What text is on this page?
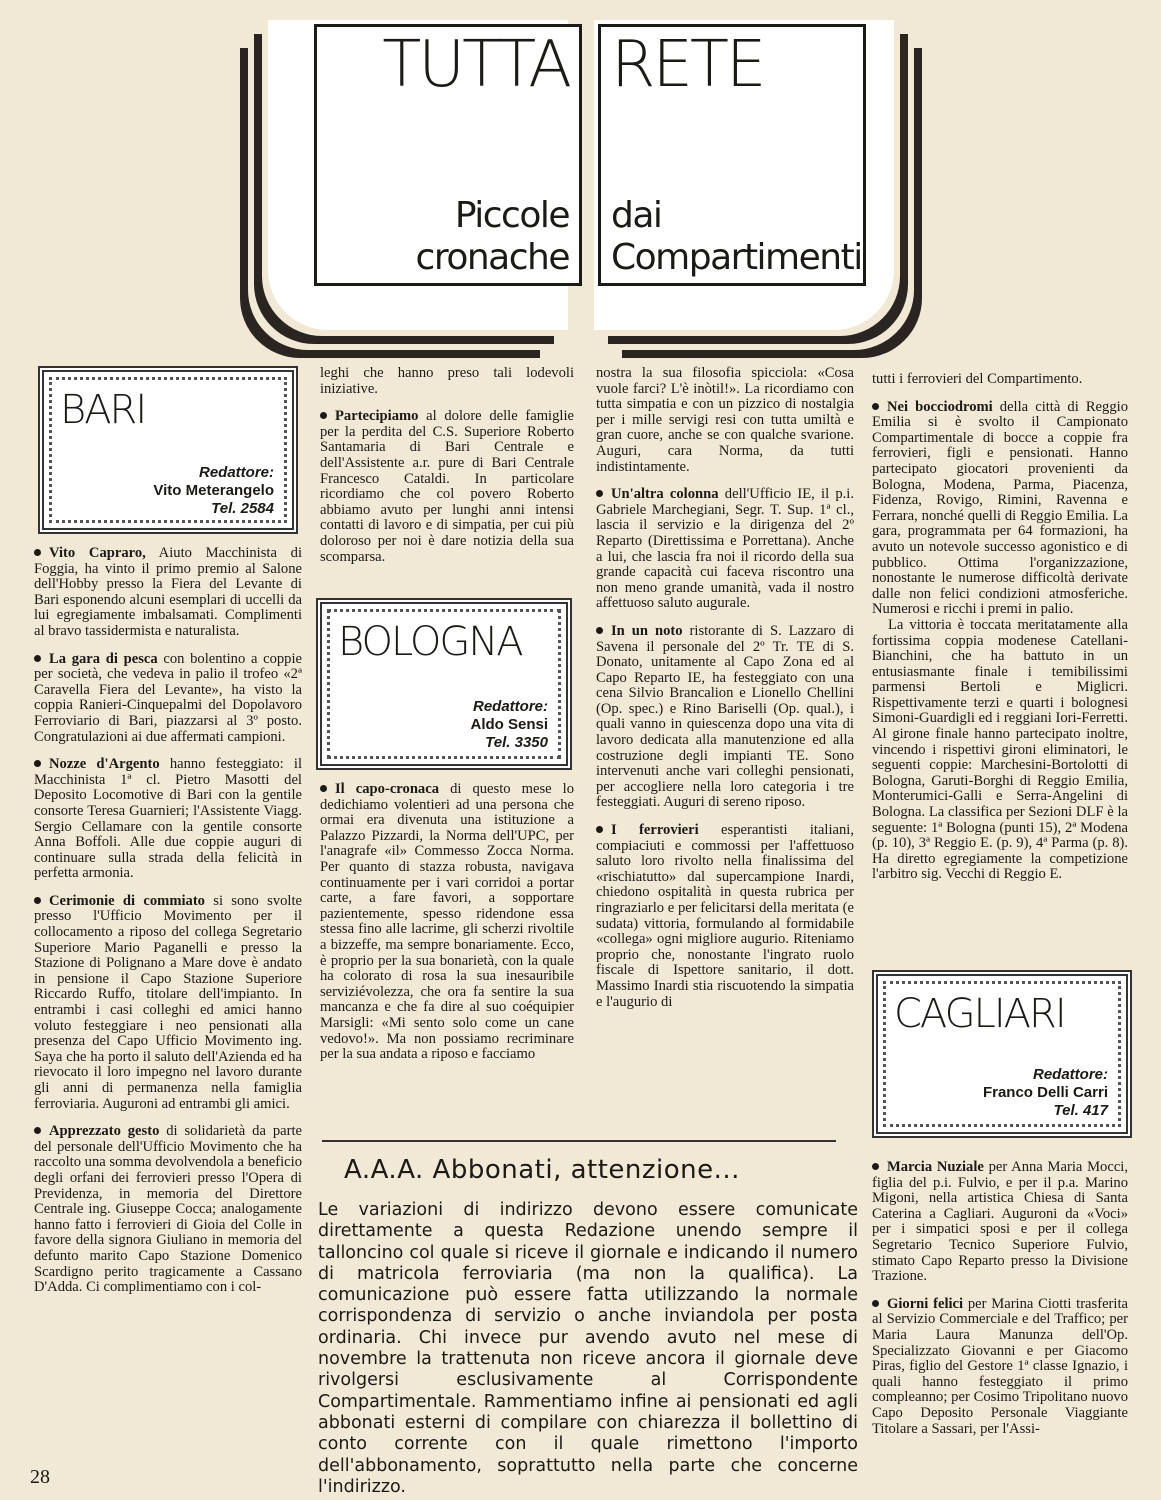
TUTTA
Piccole
cronache
RETE
dai
Compartimenti
BARI
Redattore:
Vito Meterangelo
Tel. 2584

Vito Capraro, Aiuto Macchinista di Foggia, ha vinto il primo premio al Salone dell'Hobby presso la Fiera del Levante di Bari esponendo alcuni esemplari di uccelli da lui egregiamente imbalsamati. Complimenti al bravo tassidermista e naturalista.

La gara di pesca con bolentino a coppie per società, che vedeva in palio il trofeo «2ª Caravella Fiera del Levante», ha visto la coppia Ranieri-Cinquepalmi del Dopolavoro Ferroviario di Bari, piazzarsi al 3º posto. Congratulazioni ai due affermati campioni.

Nozze d'Argento hanno festeggiato: il Macchinista 1ª cl. Pietro Masotti del Deposito Locomotive di Bari con la gentile consorte Teresa Guarnieri; l'Assistente Viagg. Sergio Cellamare con la gentile consorte Anna Boffoli. Alle due coppie auguri di continuare sulla strada della felicità in perfetta armonia.

Cerimonie di commiato si sono svolte presso l'Ufficio Movimento per il collocamento a riposo del collega Segretario Superiore Mario Paganelli e presso la Stazione di Polignano a Mare dove è andato in pensione il Capo Stazione Superiore Riccardo Ruffo, titolare dell'impianto. In entrambi i casi colleghi ed amici hanno voluto festeggiare i neo pensionati alla presenza del Capo Ufficio Movimento ing. Saya che ha porto il saluto dell'Azienda ed ha rievocato il loro impegno nel lavoro durante gli anni di permanenza nella famiglia ferroviaria. Auguroni ad entrambi gli amici.

Apprezzato gesto di solidarietà da parte del personale dell'Ufficio Movimento che ha raccolto una somma devolvendola a beneficio degli orfani dei ferrovieri presso l'Opera di Previdenza, in memoria del Direttore Centrale ing. Giuseppe Cocca; analogamente hanno fatto i ferrovieri di Gioia del Colle in favore della signora Giuliano in memoria del defunto marito Capo Stazione Domenico Scardigno perito tragicamente a Cassano D'Adda. Ci complimentiamo con i col-

leghi che hanno preso tali lodevoli iniziative.

Partecipiamo al dolore delle famiglie per la perdita del C.S. Superiore Roberto Santamaria di Bari Centrale e dell'Assistente a.r. pure di Bari Centrale Francesco Cataldi. In particolare ricordiamo che col povero Roberto abbiamo avuto per lunghi anni intensi contatti di lavoro e di simpatia, per cui più doloroso per noi è dare notizia della sua scomparsa.

BOLOGNA
Redattore:
Aldo Sensi
Tel. 3350

Il capo-cronaca di questo mese lo dedichiamo volentieri ad una persona che ormai era divenuta una istituzione a Palazzo Pizzardi, la Norma dell'UPC, per l'anagrafe «il» Commesso Zocca Norma. Per quanto di stazza robusta, navigava continuamente per i vari corridoi a portar carte, a fare favori, a sopportare pazientemente, spesso ridendone essa stessa fino alle lacrime, gli scherzi rivoltile a bizzeffe, ma sempre bonariamente. Ecco, è proprio per la sua bonarietà, con la quale ha colorato di rosa la sua inesauribile serviziévolezza, che ora fa sentire la sua mancanza e che fa dire al suo coéquipier Marsigli: «Mi sento solo come un cane vedovo!». Ma non possiamo recriminare per la sua andata a riposo e facciamo

nostra la sua filosofia spicciola: «Cosa vuole farci? L'è inòtil!». La ricordiamo con tutta simpatia e con un pizzico di nostalgia per i mille servigi resi con tutta umiltà e gran cuore, anche se con qualche svarione. Auguri, cara Norma, da tutti indistintamente.

Un'altra colonna dell'Ufficio IE, il p.i. Gabriele Marchegiani, Segr. T. Sup. 1ª cl., lascia il servizio e la dirigenza del 2º Reparto (Direttissima e Porrettana). Anche a lui, che lascia fra noi il ricordo della sua grande capacità cui faceva riscontro una non meno grande umanità, vada il nostro affettuoso saluto augurale.

In un noto ristorante di S. Lazzaro di Savena il personale del 2º Tr. TE di S. Donato, unitamente al Capo Zona ed al Capo Reparto IE, ha festeggiato con una cena Silvio Brancalion e Lionello Chellini (Op. spec.) e Rino Bariselli (Op. qual.), i quali vanno in quiescenza dopo una vita di lavoro dedicata alla manutenzione ed alla costruzione degli impianti TE. Sono intervenuti anche vari colleghi pensionati, per accogliere nella loro categoria i tre festeggiati. Auguri di sereno riposo.

I ferrovieri esperantisti italiani, compiaciuti e commossi per l'affettuoso saluto loro rivolto nella finalissima del «rischiatutto» dal supercampione Inardi, chiedono ospitalità in questa rubrica per ringraziarlo e per felicitarsi della meritata (e sudata) vittoria, formulando al formidabile «collega» ogni migliore augurio. Riteniamo proprio che, nonostante l'ingrato ruolo fiscale di Ispettore sanitario, il dott. Massimo Inardi stia riscuotendo la simpatia e l'augurio di

tutti i ferrovieri del Compartimento.

Nei bocciodromi della città di Reggio Emilia si è svolto il Campionato Compartimentale di bocce a coppie fra ferrovieri, figli e pensionati. Hanno partecipato giocatori provenienti da Bologna, Modena, Parma, Piacenza, Fidenza, Rovigo, Rimini, Ravenna e Ferrara, nonché quelli di Reggio Emilia. La gara, programmata per 64 formazioni, ha avuto un notevole successo agonistico e di pubblico. Ottima l'organizzazione, nonostante le numerose difficoltà derivate dalle non felici condizioni atmosferiche. Numerosi e ricchi i premi in palio.

La vittoria è toccata meritatamente alla fortissima coppia modenese Catellani-Bianchini, che ha battuto in un entusiasmante finale i temibilissimi parmensi Bertoli e Miglicri. Rispettivamente terzi e quarti i bolognesi Simoni-Guardigli ed i reggiani Iori-Ferretti. Al girone finale hanno partecipato inoltre, vincendo i rispettivi gironi eliminatori, le seguenti coppie: Marchesini-Bortolotti di Bologna, Garuti-Borghi di Reggio Emilia, Monterumici-Galli e Serra-Angelini di Bologna. La classifica per Sezioni DLF è la seguente: 1ª Bologna (punti 15), 2ª Modena (p. 10), 3ª Reggio E. (p. 9), 4ª Parma (p. 8). Ha diretto egregiamente la competizione l'arbitro sig. Vecchi di Reggio E.

CAGLIARI
Redattore:
Franco Delli Carri
Tel. 417

Marcia Nuziale per Anna Maria Mocci, figlia del p.i. Fulvio, e per il p.a. Marino Migoni, nella artistica Chiesa di Santa Caterina a Cagliari. Auguroni da «Voci» per i simpatici sposi e per il collega Segretario Tecnico Superiore Fulvio, stimato Capo Reparto presso la Divisione Trazione.

Giorni felici per Marina Ciotti trasferita al Servizio Commerciale e del Traffico; per Maria Laura Manunza dell'Op. Specializzato Giovanni e per Giacomo Piras, figlio del Gestore 1ª classe Ignazio, i quali hanno festeggiato il primo compleanno; per Cosimo Tripolitano nuovo Capo Deposito Personale Viaggiante Titolare a Sassari, per l'Assi-

A.A.A. Abbonati, attenzione...
Le variazioni di indirizzo devono essere comunicate direttamente a questa Redazione unendo sempre il talloncino col quale si riceve il giornale e indicando il numero di matricola ferroviaria (ma non la qualifica). La comunicazione può essere fatta utilizzando la normale corrispondenza di servizio o anche inviandola per posta ordinaria. Chi invece pur avendo avuto nel mese di novembre la trattenuta non riceve ancora il giornale deve rivolgersi esclusivamente al Corrispondente Compartimentale. Rammentiamo infine ai pensionati ed agli abbonati esterni di compilare con chiarezza il bollettino di conto corrente con il quale rimettono l'importo dell'abbonamento, soprattutto nella parte che concerne l'indirizzo.
28
